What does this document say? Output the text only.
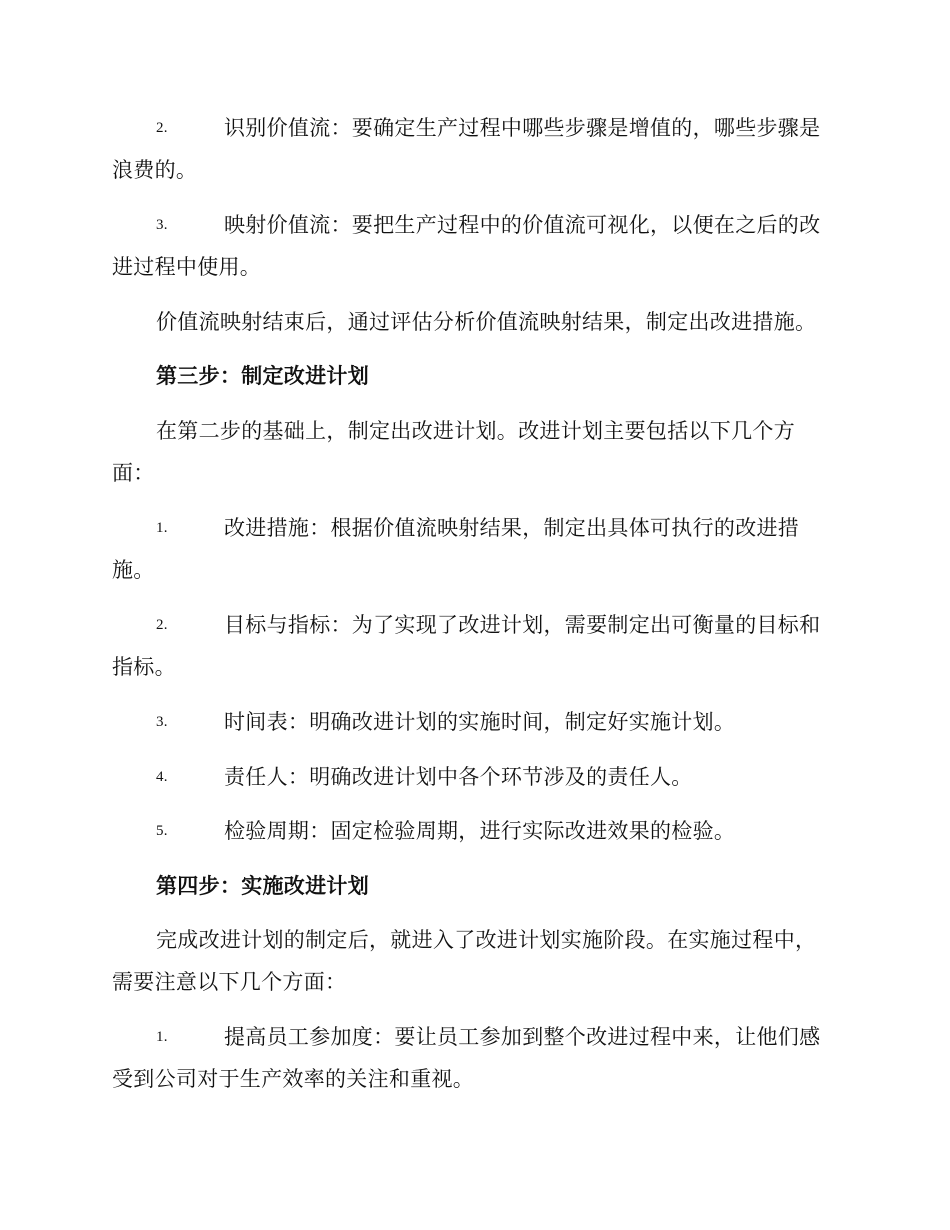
2.	识别价值流：要确定生产过程中哪些步骤是增值的，哪些步骤是浪费的。
3.	映射价值流：要把生产过程中的价值流可视化，以便在之后的改进过程中使用。
价值流映射结束后，通过评估分析价值流映射结果，制定出改进措施。
第三步：制定改进计划
在第二步的基础上，制定出改进计划。改进计划主要包括以下几个方面：
1.	改进措施：根据价值流映射结果，制定出具体可执行的改进措施。
2.	目标与指标：为了实现了改进计划，需要制定出可衡量的目标和指标。
3.	时间表：明确改进计划的实施时间，制定好实施计划。
4.	责任人：明确改进计划中各个环节涉及的责任人。
5.	检验周期：固定检验周期，进行实际改进效果的检验。
第四步：实施改进计划
完成改进计划的制定后，就进入了改进计划实施阶段。在实施过程中，需要注意以下几个方面：
1.	提高员工参加度：要让员工参加到整个改进过程中来，让他们感受到公司对于生产效率的关注和重视。
